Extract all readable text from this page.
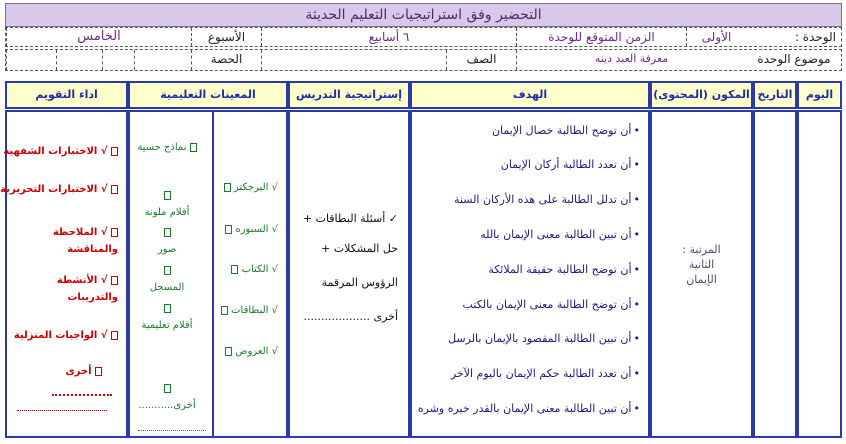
التحضير وفق استراتيجيات التعليم الحديثة
الوحدة :
الأولى
الزمن المتوقع للوحدة
٦ أسابيع
الأسبوع
الخامس
موضوع الوحدة
معرفة العبد دينه
الصف
الحصة
اليوم
التاريخ
المكون (المحتوى)
الهدف
إستراتيجية التدريس
المعينات التعليمية
اداء التقويم
المرتبة :
الثانية
الإيمان
• أن توضح الطالبة خصال الإيمان
• أن تعدد الطالبة أركان الإيمان
• أن تدلل الطالبة على هذه الأركان السنة
• أن تبين الطالبة معنى الإيمان بالله
• أن توضح الطالبة حقيقة الملائكة
• أن توضح الطالبة معنى الإيمان بالكتب
• أن تبين الطالبة المقصود بالإيمان بالرسل
• أن تعدد الطالبة حكم الإيمان باليوم الآخر
• أن تبين الطالبة معنى الإيمان بالقدر خيره وشره
✓ أسئلة البطاقات +
حل المشكلات +
الرؤوس المرقمة
أخرى ...................
√ البرجكتر
√ السبوره
√ الكتاب
√ البطاقات
√ العروض
نماذج حسية

أقلام ملونة

صور

المسجل

أقلام تعليمية

أخرى...........
√ الاختبارات الشفهية
√ الاختبارات التحريرية
√ الملاحظة والمناقشة
√ الأنشطة والتدريبات
√ الواجبات المنزلية
أخرى
